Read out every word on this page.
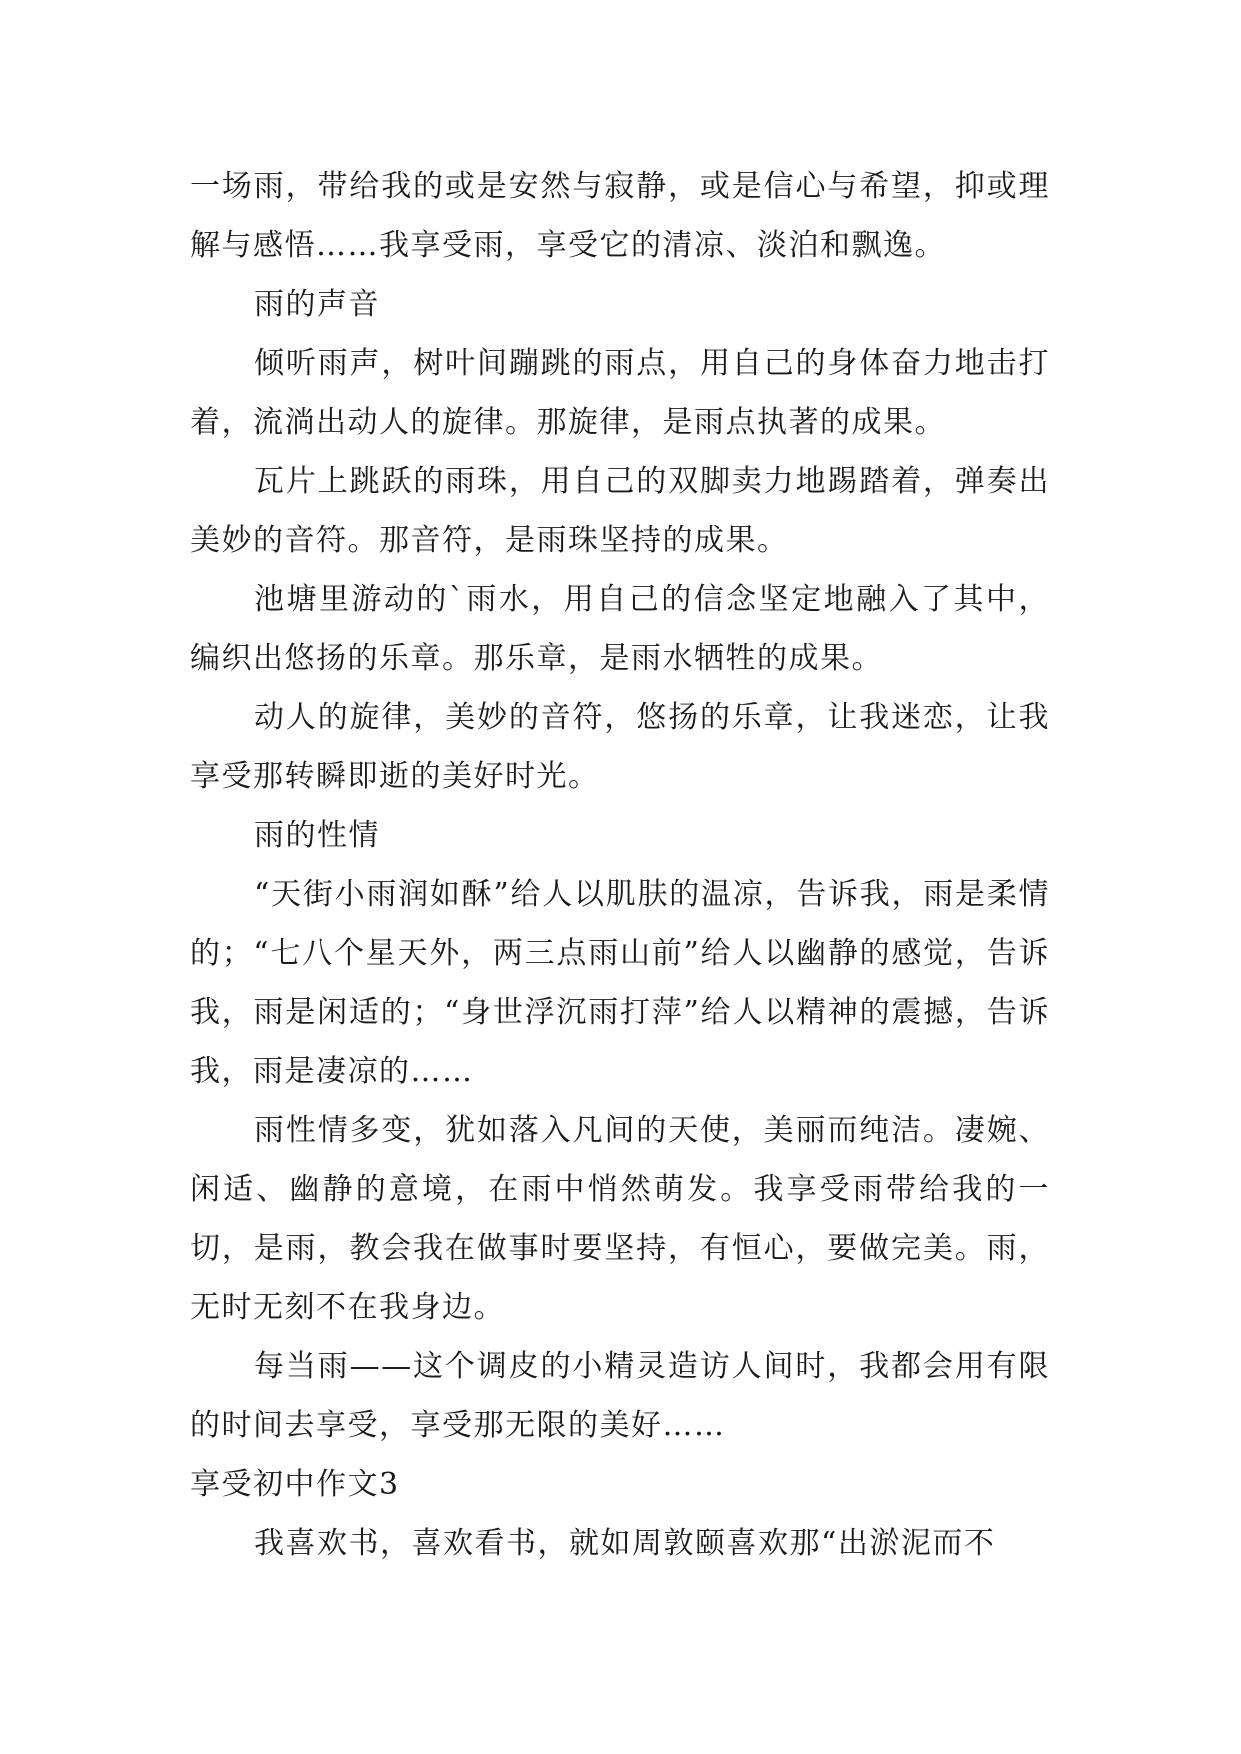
一场雨，带给我的或是安然与寂静，或是信心与希望，抑或理解与感悟……我享受雨，享受它的清凉、淡泊和飘逸。

雨的声音

倾听雨声，树叶间蹦跳的雨点，用自己的身体奋力地击打着，流淌出动人的旋律。那旋律，是雨点执著的成果。

瓦片上跳跃的雨珠，用自己的双脚卖力地踢踏着，弹奏出美妙的音符。那音符，是雨珠坚持的成果。

池塘里游动的`雨水，用自己的信念坚定地融入了其中，编织出悠扬的乐章。那乐章，是雨水牺牲的成果。

动人的旋律，美妙的音符，悠扬的乐章，让我迷恋，让我享受那转瞬即逝的美好时光。

雨的性情

“天街小雨润如酥”给人以肌肤的温凉，告诉我，雨是柔情的；“七八个星天外，两三点雨山前”给人以幽静的感觉，告诉我，雨是闲适的；“身世浮沉雨打萍”给人以精神的震撼，告诉我，雨是凄凉的……

雨性情多变，犹如落入凡间的天使，美丽而纯洁。凄婉、闲适、幽静的意境，在雨中悄然萌发。我享受雨带给我的一切，是雨，教会我在做事时要坚持，有恒心，要做完美。雨，无时无刻不在我身边。

每当雨——这个调皮的小精灵造访人间时，我都会用有限的时间去享受，享受那无限的美好……

享受初中作文3

我喜欢书，喜欢看书，就如周敦颐喜欢那“出淤泥而不
